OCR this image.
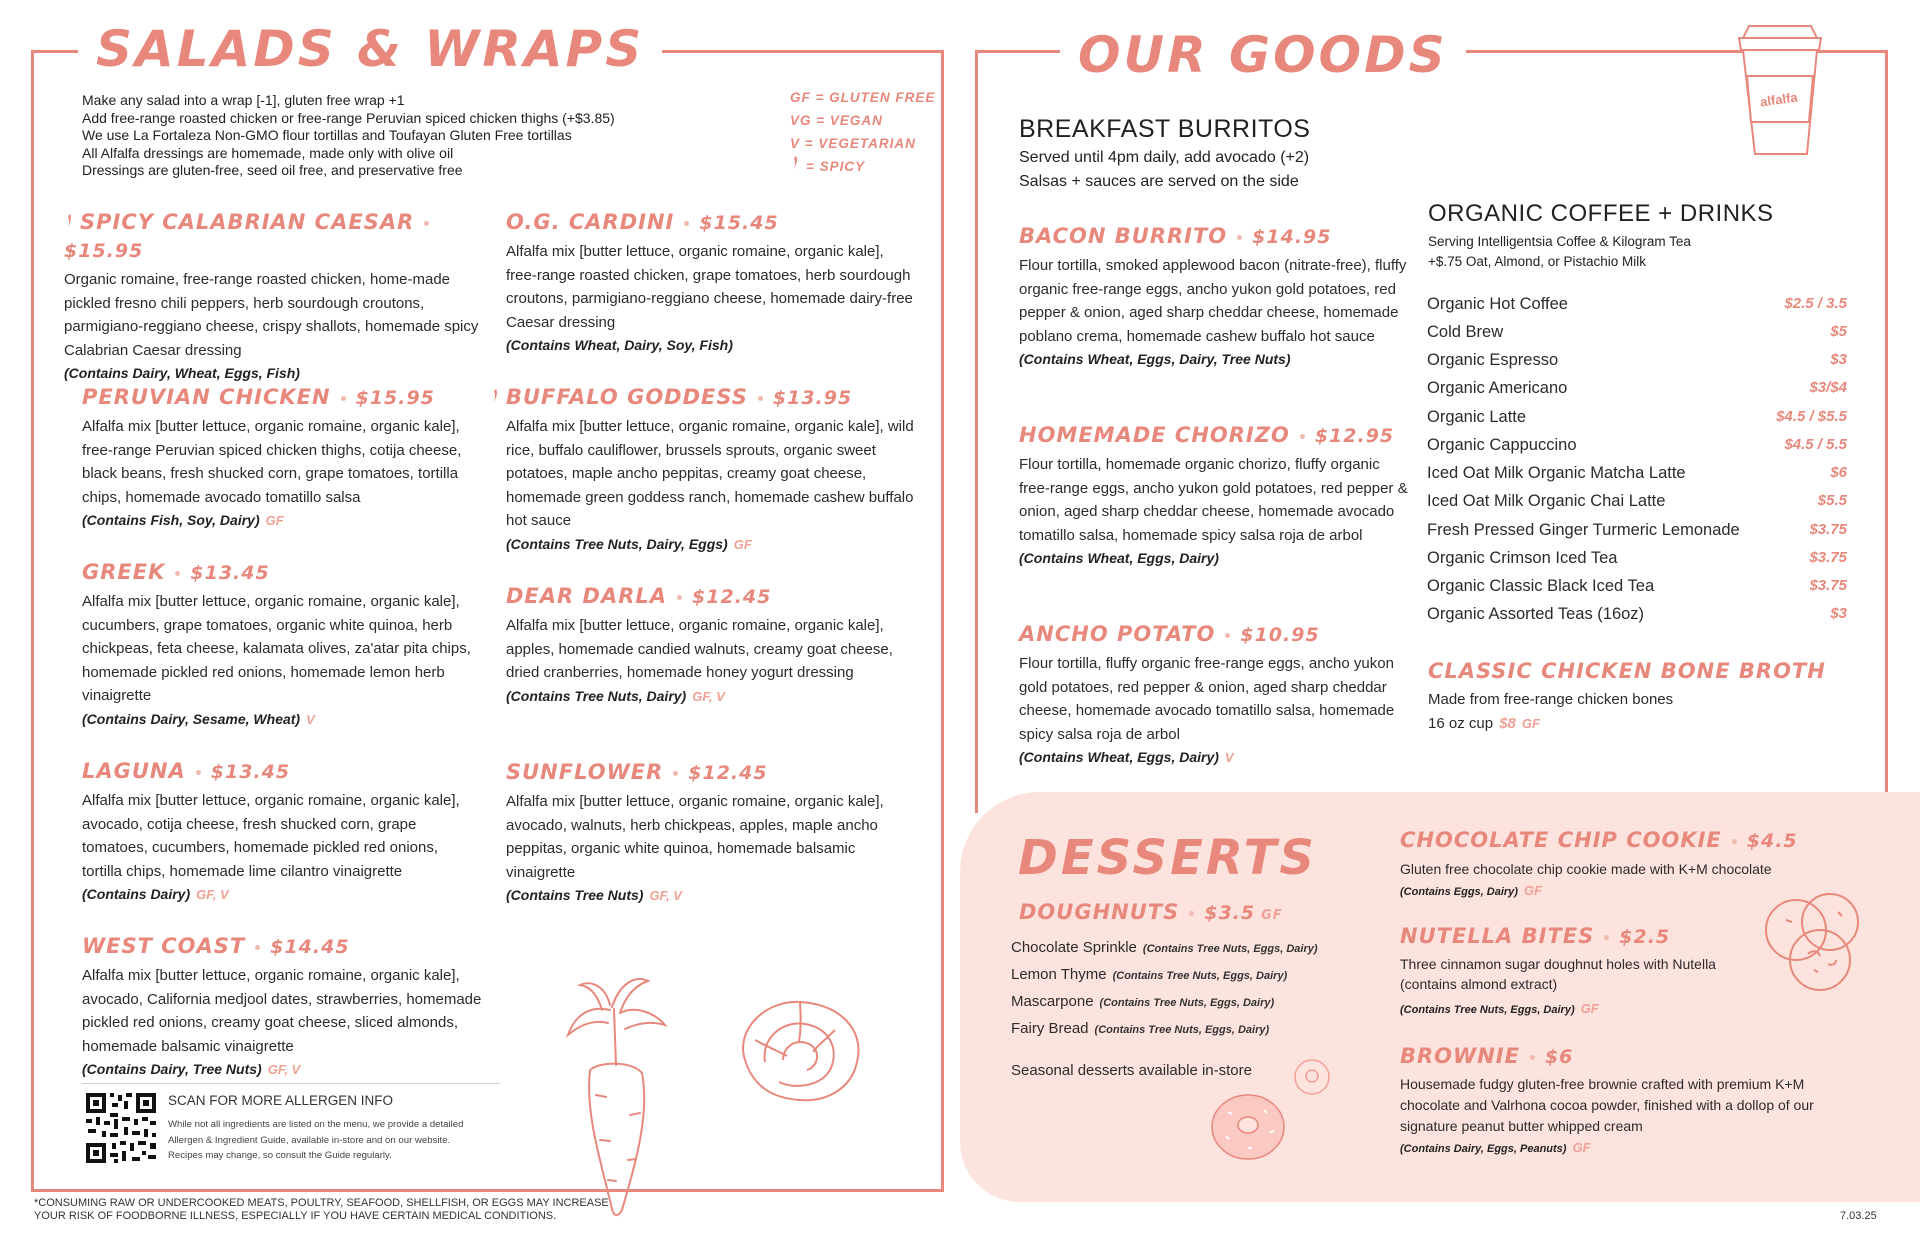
SALADS & WRAPS
Make any salad into a wrap [-1], gluten free wrap +1
Add free-range roasted chicken or free-range Peruvian spiced chicken thighs (+$3.85)
We use La Fortaleza Non-GMO flour tortillas and Toufayan Gluten Free tortillas
All Alfalfa dressings are homemade, made only with olive oil
Dressings are gluten-free, seed oil free, and preservative free
GF = GLUTEN FREE
VG = VEGAN
V = VEGETARIAN
= SPICY
SPICY CALABRIAN CAESAR$15.95
Organic romaine, free-range roasted chicken, home-made pickled fresno chili peppers, herb sourdough croutons, parmigiano-reggiano cheese, crispy shallots, homemade spicy Calabrian Caesar dressing
(Contains Dairy, Wheat, Eggs, Fish)
O.G. CARDINI $15.45
Alfalfa mix [butter lettuce, organic romaine, organic kale], free-range roasted chicken, grape tomatoes, herb sourdough croutons, parmigiano-reggiano cheese, homemade dairy-free Caesar dressing
(Contains Wheat, Dairy, Soy, Fish)
PERUVIAN CHICKEN $15.95
Alfalfa mix [butter lettuce, organic romaine, organic kale], free-range Peruvian spiced chicken thighs, cotija cheese, black beans, fresh shucked corn, grape tomatoes, tortilla chips, homemade avocado tomatillo salsa
(Contains Fish, Soy, Dairy) GF
BUFFALO GODDESS $13.95
Alfalfa mix [butter lettuce, organic romaine, organic kale], wild rice, buffalo cauliflower, brussels sprouts, organic sweet potatoes, maple ancho peppitas, creamy goat cheese, homemade green goddess ranch, homemade cashew buffalo hot sauce
(Contains Tree Nuts, Dairy, Eggs) GF
GREEK $13.45
Alfalfa mix [butter lettuce, organic romaine, organic kale], cucumbers, grape tomatoes, organic white quinoa, herb chickpeas, feta cheese, kalamata olives, za'atar pita chips, homemade pickled red onions, homemade lemon herb vinaigrette
(Contains Dairy, Sesame, Wheat) V
DEAR DARLA $12.45
Alfalfa mix [butter lettuce, organic romaine, organic kale], apples, homemade candied walnuts, creamy goat cheese, dried cranberries, homemade honey yogurt dressing
(Contains Tree Nuts, Dairy) GF, V
LAGUNA $13.45
Alfalfa mix [butter lettuce, organic romaine, organic kale], avocado, cotija cheese, fresh shucked corn, grape tomatoes, cucumbers, homemade pickled red onions, tortilla chips, homemade lime cilantro vinaigrette
(Contains Dairy) GF, V
SUNFLOWER $12.45
Alfalfa mix [butter lettuce, organic romaine, organic kale], avocado, walnuts, herb chickpeas, apples, maple ancho peppitas, organic white quinoa, homemade balsamic vinaigrette
(Contains Tree Nuts) GF, V
WEST COAST $14.45
Alfalfa mix [butter lettuce, organic romaine, organic kale], avocado, California medjool dates, strawberries, homemade pickled red onions, creamy goat cheese, sliced almonds, homemade balsamic vinaigrette
(Contains Dairy, Tree Nuts) GF, V
SCAN FOR MORE ALLERGEN INFO
While not all ingredients are listed on the menu, we provide a detailed Allergen & Ingredient Guide, available in-store and on our website. Recipes may change, so consult the Guide regularly.
OUR GOODS
alfalfa
BREAKFAST BURRITOS
Served until 4pm daily, add avocado (+2)
Salsas + sauces are served on the side
BACON BURRITO $14.95
Flour tortilla, smoked applewood bacon (nitrate-free), fluffy organic free-range eggs, ancho yukon gold potatoes, red pepper & onion, aged sharp cheddar cheese, homemade poblano crema, homemade cashew buffalo hot sauce
(Contains Wheat, Eggs, Dairy, Tree Nuts)
HOMEMADE CHORIZO $12.95
Flour tortilla, homemade organic chorizo, fluffy organic free-range eggs, ancho yukon gold potatoes, red pepper & onion, aged sharp cheddar cheese, homemade avocado tomatillo salsa, homemade spicy salsa roja de arbol
(Contains Wheat, Eggs, Dairy)
ANCHO POTATO $10.95
Flour tortilla, fluffy organic free-range eggs, ancho yukon gold potatoes, red pepper & onion, aged sharp cheddar cheese, homemade avocado tomatillo salsa, homemade spicy salsa roja de arbol
(Contains Wheat, Eggs, Dairy) V
ORGANIC COFFEE + DRINKS
Serving Intelligentsia Coffee & Kilogram Tea
+$.75 Oat, Almond, or Pistachio Milk
Organic Hot Coffee	$2.5 / 3.5
Cold Brew	$5
Organic Espresso	$3
Organic Americano	$3/$4
Organic Latte	$4.5 / $5.5
Organic Cappuccino	$4.5 / 5.5
Iced Oat Milk Organic Matcha Latte	$6
Iced Oat Milk Organic Chai Latte	$5.5
Fresh Pressed Ginger Turmeric Lemonade	$3.75
Organic Crimson Iced Tea	$3.75
Organic Classic Black Iced Tea	$3.75
Organic Assorted Teas (16oz)	$3
CLASSIC CHICKEN BONE BROTH
Made from free-range chicken bones
16 oz cup $8 GF
DESSERTS
DOUGHNUTS $3.5 GF
Chocolate Sprinkle (Contains Tree Nuts, Eggs, Dairy)
Lemon Thyme (Contains Tree Nuts, Eggs, Dairy)
Mascarpone (Contains Tree Nuts, Eggs, Dairy)
Fairy Bread (Contains Tree Nuts, Eggs, Dairy)
Seasonal desserts available in-store
CHOCOLATE CHIP COOKIE $4.5
Gluten free chocolate chip cookie made with K+M chocolate
(Contains Eggs, Dairy) GF
NUTELLA BITES $2.5
Three cinnamon sugar doughnut holes with Nutella (contains almond extract)
(Contains Tree Nuts, Eggs, Dairy) GF
BROWNIE $6
Housemade fudgy gluten-free brownie crafted with premium K+M chocolate and Valrhona cocoa powder, finished with a dollop of our signature peanut butter whipped cream
(Contains Dairy, Eggs, Peanuts) GF
*CONSUMING RAW OR UNDERCOOKED MEATS, POULTRY, SEAFOOD, SHELLFISH, OR EGGS MAY INCREASE
YOUR RISK OF FOODBORNE ILLNESS, ESPECIALLY IF YOU HAVE CERTAIN MEDICAL CONDITIONS.	7.03.25
